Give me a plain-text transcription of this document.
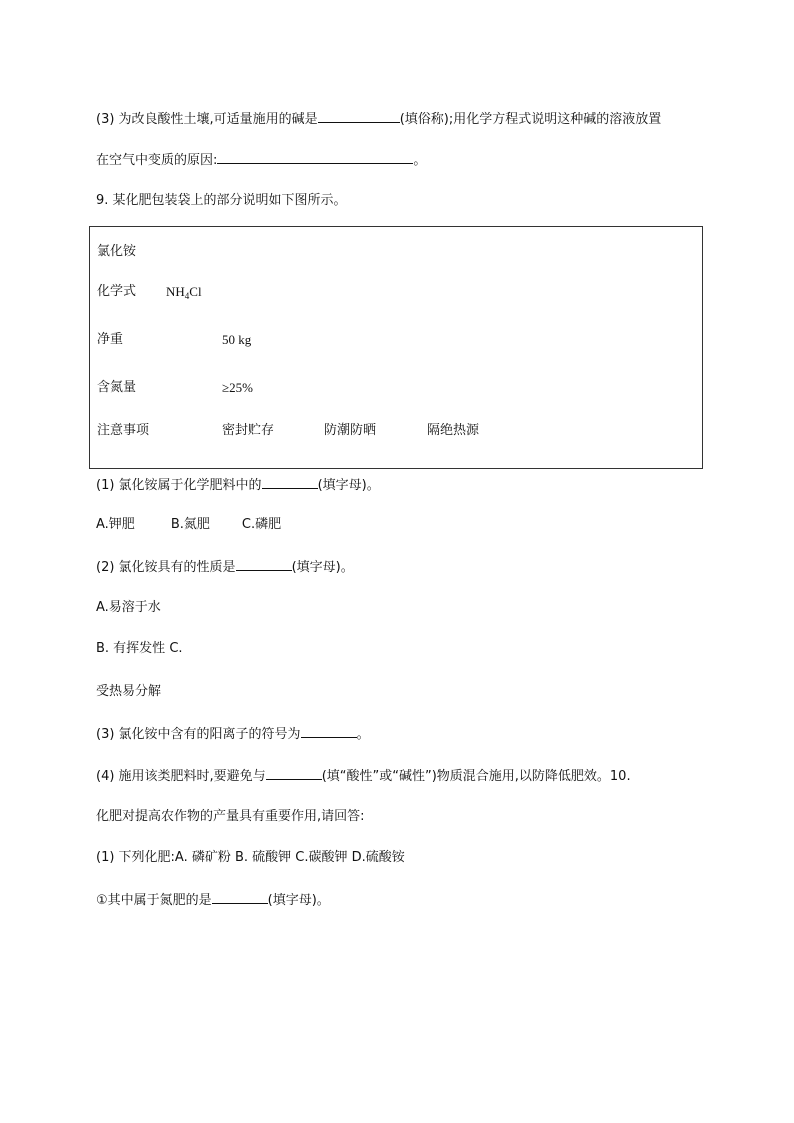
(3) 为改良酸性土壤,可适量施用的碱是	(填俗称);用化学方程式说明这种碱的溶液放置
在空气中变质的原因:	。
9. 某化肥包装袋上的部分说明如下图所示。
氯化铵
化学式 $NH_4Cl$
净重	50 kg
含氮量	≥25%
注意事项	密封贮存	防潮防晒	隔绝热源
(1) 氯化铵属于化学肥料中的	(填字母)。
A.钾肥	B.氮肥 C.磷肥
(2) 氯化铵具有的性质是	(填字母)。
A.易溶于水
B. 有挥发性 C.
受热易分解
(3) 氯化铵中含有的阳离子的符号为	。
(4) 施用该类肥料时,要避免与	(填“酸性”或“碱性”)物质混合施用,以防降低肥效。10.
化肥对提高农作物的产量具有重要作用,请回答:
(1) 下列化肥:A. 磷矿粉 B. 硫酸钾 C.碳酸钾 D.硫酸铵
①其中属于氮肥的是	(填字母)。
